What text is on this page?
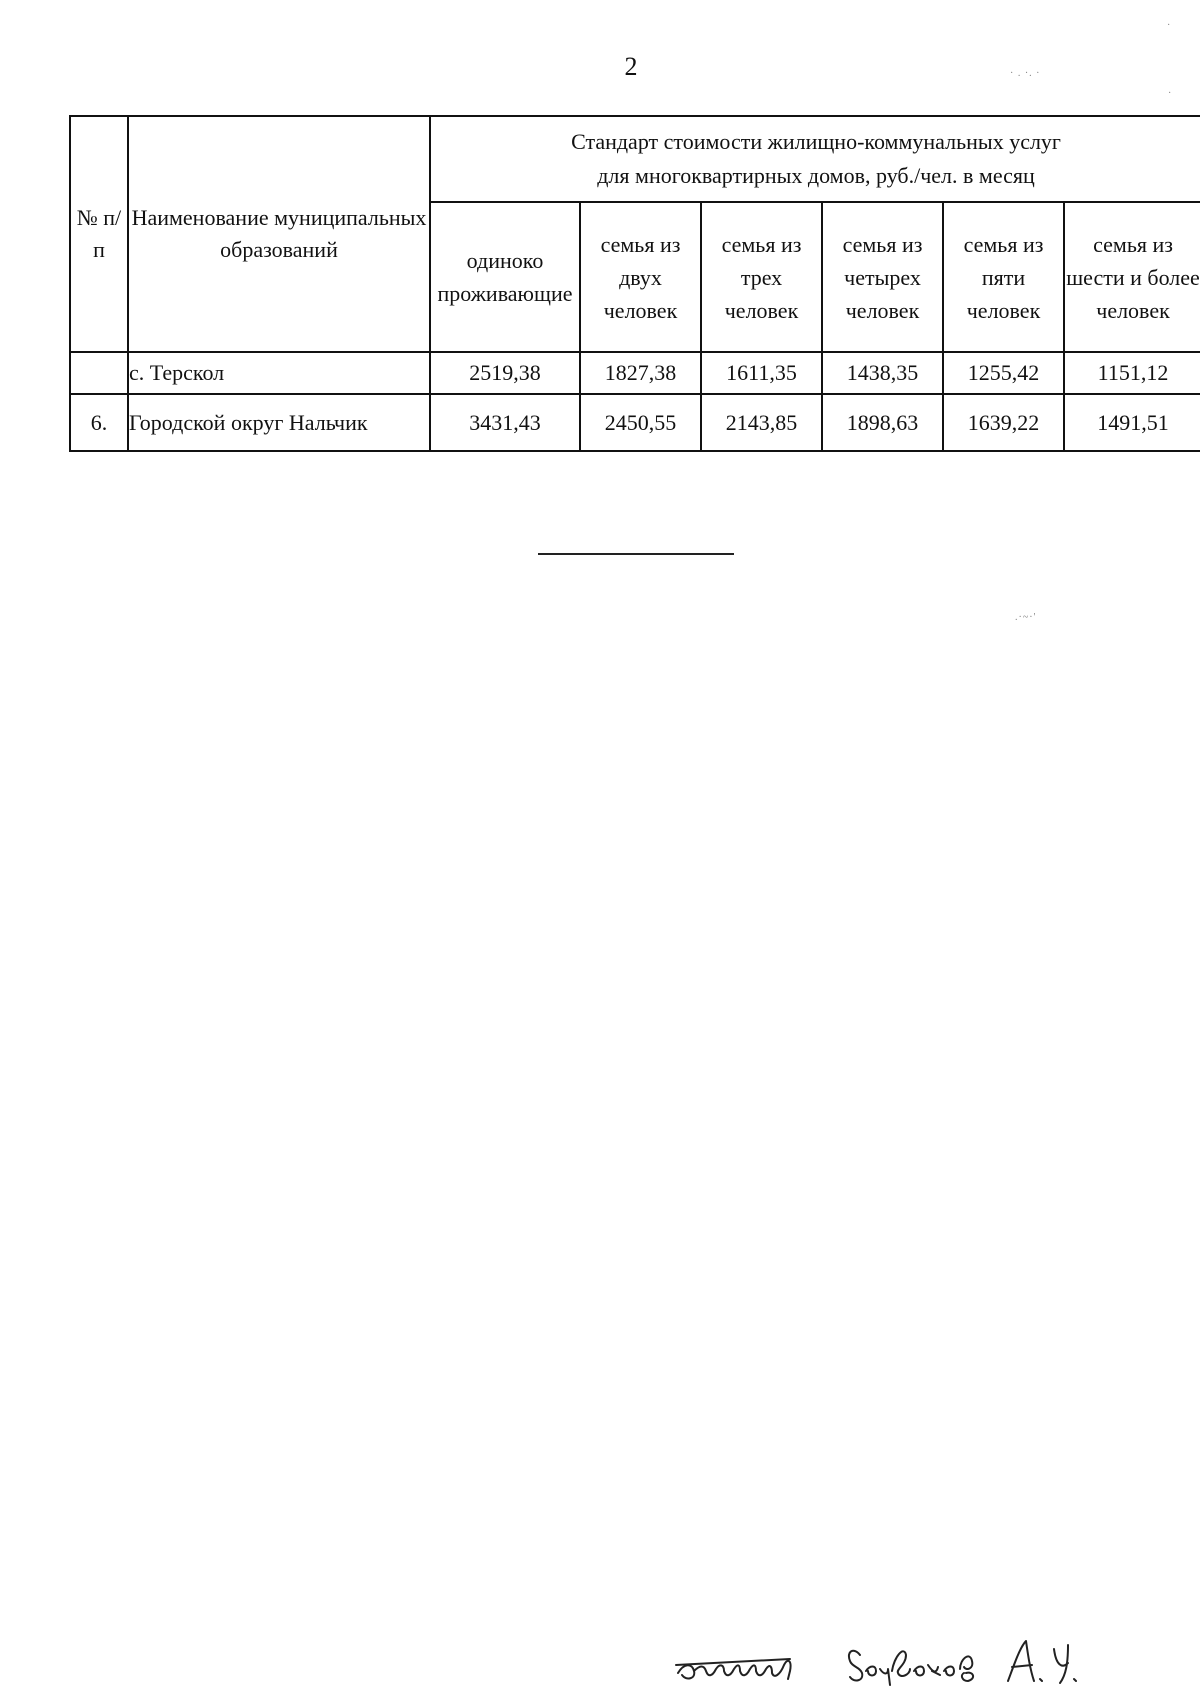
2
·
· . ·. ·
·
.·~·'
№ п/п	Наименование муниципальных образований	Стандарт стоимости жилищно-коммунальных услуг
для многоквартирных домов, руб./чел. в месяц					

		одиноко проживающие	семья из двух человек	семья из трех человек	семья из четырех человек	семья из пяти человек	семья из шести и более человек
	с. Терскол	2519,38	1827,38	1611,35	1438,35	1255,42	1151,12
6.	Городской округ Нальчик	3431,43	2450,55	2143,85	1898,63	1639,22	1491,51
